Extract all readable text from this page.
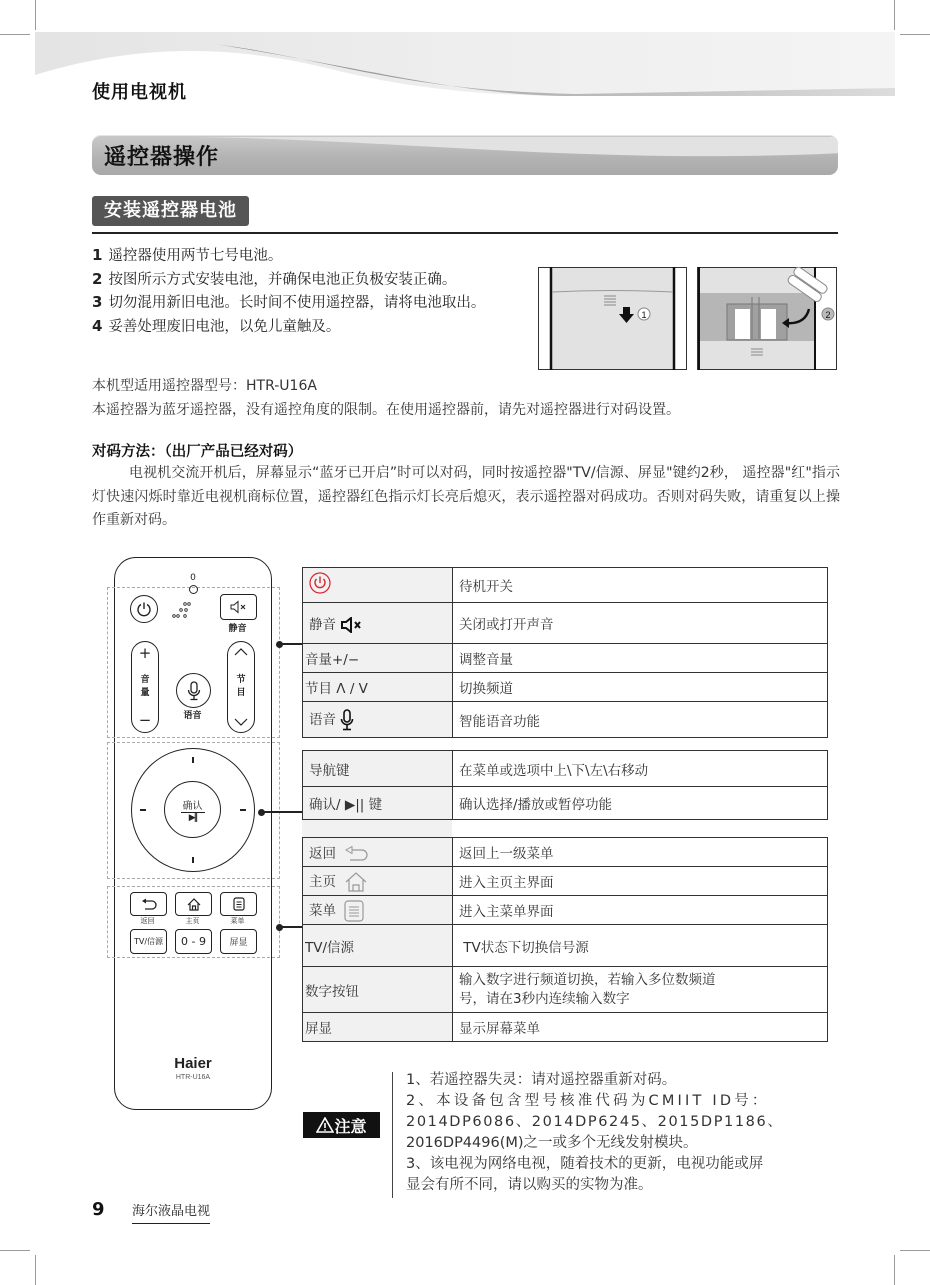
使用电视机
遥控器操作
安装遥控器电池

1 遥控器使用两节七号电池。

2 按图所示方式安装电池，并确保电池正负极安装正确。

3 切勿混用新旧电池。长时间不使用遥控器，请将电池取出。

4 妥善处理废旧电池，以免儿童触及。

1	2
本机型适用遥控器型号：HTR-U16A
本遥控器为蓝牙遥控器，没有遥控角度的限制。在使用遥控器前，请先对遥控器进行对码设置。
对码方法：（出厂产品已经对码）
电视机交流开机后，屏幕显示“蓝牙已开启”时可以对码，同时按遥控器"TV/信源、屏显"键约2秒， 遥控器"红"指示灯快速闪烁时靠近电视机商标位置，遥控器红色指示灯长亮后熄灭，表示遥控器对码成功。否则对码失败，请重复以上操作重新对码。
0
静音
+
音
量
−	语音
节
目
确认
▶||
返回	主页	菜单
TV/信源	0 - 9	屏显
Haier
HTR-U16A
	待机开关
静音	关闭或打开声音
音量+/−	调整音量
节目 Λ / V	切换频道
语音	智能语音功能
导航键	在菜单或选项中上\下\左\右移动
确认/ ▶|| 键	确认选择/播放或暂停功能
返回	返回上一级菜单
主页	进入主页主界面
菜单	进入主菜单界面
TV/信源	TV状态下切换信号源
数字按钮	输入数字进行频道切换，若输入多位数频道
号，请在3秒内连续输入数字
屏显	显示屏幕菜单
注意
1、若遥控器失灵：请对遥控器重新对码。
2、本设备包含型号核准代码为CMIIT ID号：
2014DP6086、2014DP6245、2015DP1186、
2016DP4496(M)之一或多个无线发射模块。
3、该电视为网络电视，随着技术的更新，电视功能或屏
显会有所不同，请以购买的实物为准。
9 海尔液晶电视
